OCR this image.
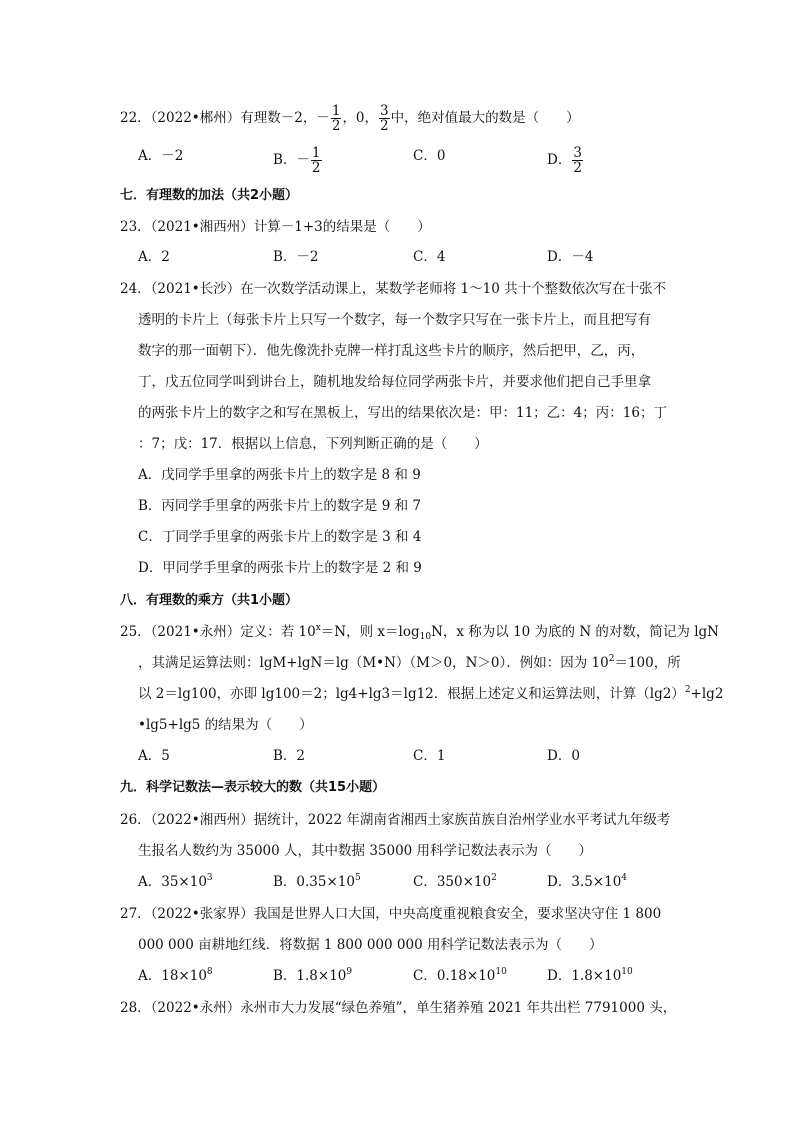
22．（2022•郴州）有理数－2，－ $\frac{1}{2}$ ，0， $\frac{3}{2}$ 中，绝对值最大的数是（　　）
A．－2	B．－ $\frac{1}{2}$	C．0	D． $\frac{3}{2}$
七．有理数的加法（共2小题）
23．（2021•湘西州）计算－1+3的结果是（　　）
A．2	B．－2	C．4	D．－4
24．（2021•长沙）在一次数学活动课上，某数学老师将 1～10 共十个整数依次写在十张不
透明的卡片上（每张卡片上只写一个数字，每一个数字只写在一张卡片上，而且把写有
数字的那一面朝下）．他先像洗扑克牌一样打乱这些卡片的顺序，然后把甲，乙，丙，
丁，戊五位同学叫到讲台上，随机地发给每位同学两张卡片，并要求他们把自己手里拿
的两张卡片上的数字之和写在黑板上，写出的结果依次是：甲：11；乙：4；丙：16；丁
：7；戊：17．根据以上信息，下列判断正确的是（　　）
A．戊同学手里拿的两张卡片上的数字是 8 和 9
B．丙同学手里拿的两张卡片上的数字是 9 和 7
C．丁同学手里拿的两张卡片上的数字是 3 和 4
D．甲同学手里拿的两张卡片上的数字是 2 和 9
八．有理数的乘方（共1小题）
25．（2021•永州）定义：若 $10^x=N$，则 $x=\log_{10}N$，x 称为以 10 为底的 N 的对数，简记为 lgN
，其满足运算法则：lgM+lgN＝lg（M•N）（M＞0，N＞0）．例如：因为 $10^2=100$，所
以 2＝lg100，亦即 lg100＝2；lg4+lg3＝lg12．根据上述定义和运算法则，计算$(\lg 2)^2+\lg 2$
•lg5+lg5 的结果为（　　）
A．5	B．2	C．1	D．0
九．科学记数法—表示较大的数（共15小题）
26．（2022•湘西州）据统计，2022 年湖南省湘西土家族苗族自治州学业水平考试九年级考
生报名人数约为 35000 人，其中数据 35000 用科学记数法表示为（　　）
A．$35\times 10^3$	B．$0.35\times 10^5$	C．$350\times 10^2$	D．$3.5\times 10^4$
27．（2022•张家界）我国是世界人口大国，中央高度重视粮食安全，要求坚决守住 1 800
000 000 亩耕地红线．将数据 1 800 000 000 用科学记数法表示为（　　）
A．$18\times 10^8$	B．$1.8\times 10^9$	C．$0.18\times 10^{10}$	D．$1.8\times 10^{10}$
28．（2022•永州）永州市大力发展“绿色养殖”，单生猪养殖 2021 年共出栏 7791000 头，
